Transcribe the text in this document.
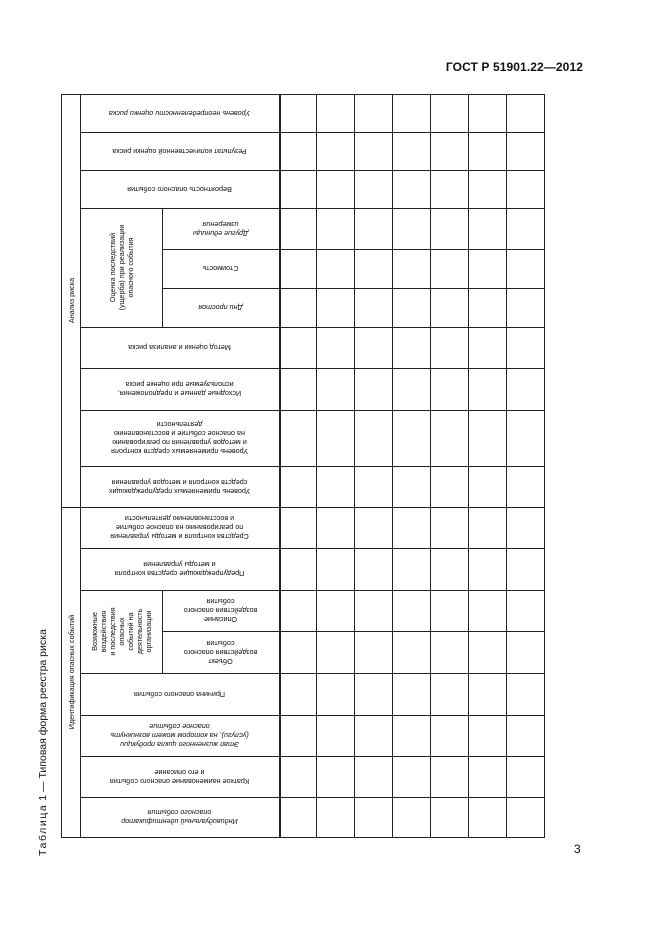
ГОСТ Р 51901.22—2012
Таблица 1 — Типовая форма реестра риска
Уровень неопределенности оценки риска
Результат количественной оценки риска
Вероятность опасного события
Другие единицы
измерения
Стоимость
Дни простоя
Метод оценки и анализа риска
Исходные данные и предположения,
используемые при оценке риска
Уровень применяемых средств контроля
и методов управления по реагированию
на опасное событие и восстановлению
деятельности
Уровень применяемых предупреждающих
средств контроля и методов управления
Средства контроля и методы управления
по реагированию на опасное событие
и восстановлению деятельности
Предупреждающие средства контроля
и методы управления
Описание
воздействия опасного
события
Объект
воздействия опасного
события
Причина опасного события
Этап жизненного цикла продукции
(услуги), на котором может возникнуть
опасное событие
Краткое наименование опасного события
и его описание
Индивидуальный идентификатор
опасного события
Анализ риска
Идентификация опасных событий
Оценка последствий
(ущерба) при реализации
опасного события
Возможные
воздействия
и последствия
опасных
событий на
деятельность
организации
3
